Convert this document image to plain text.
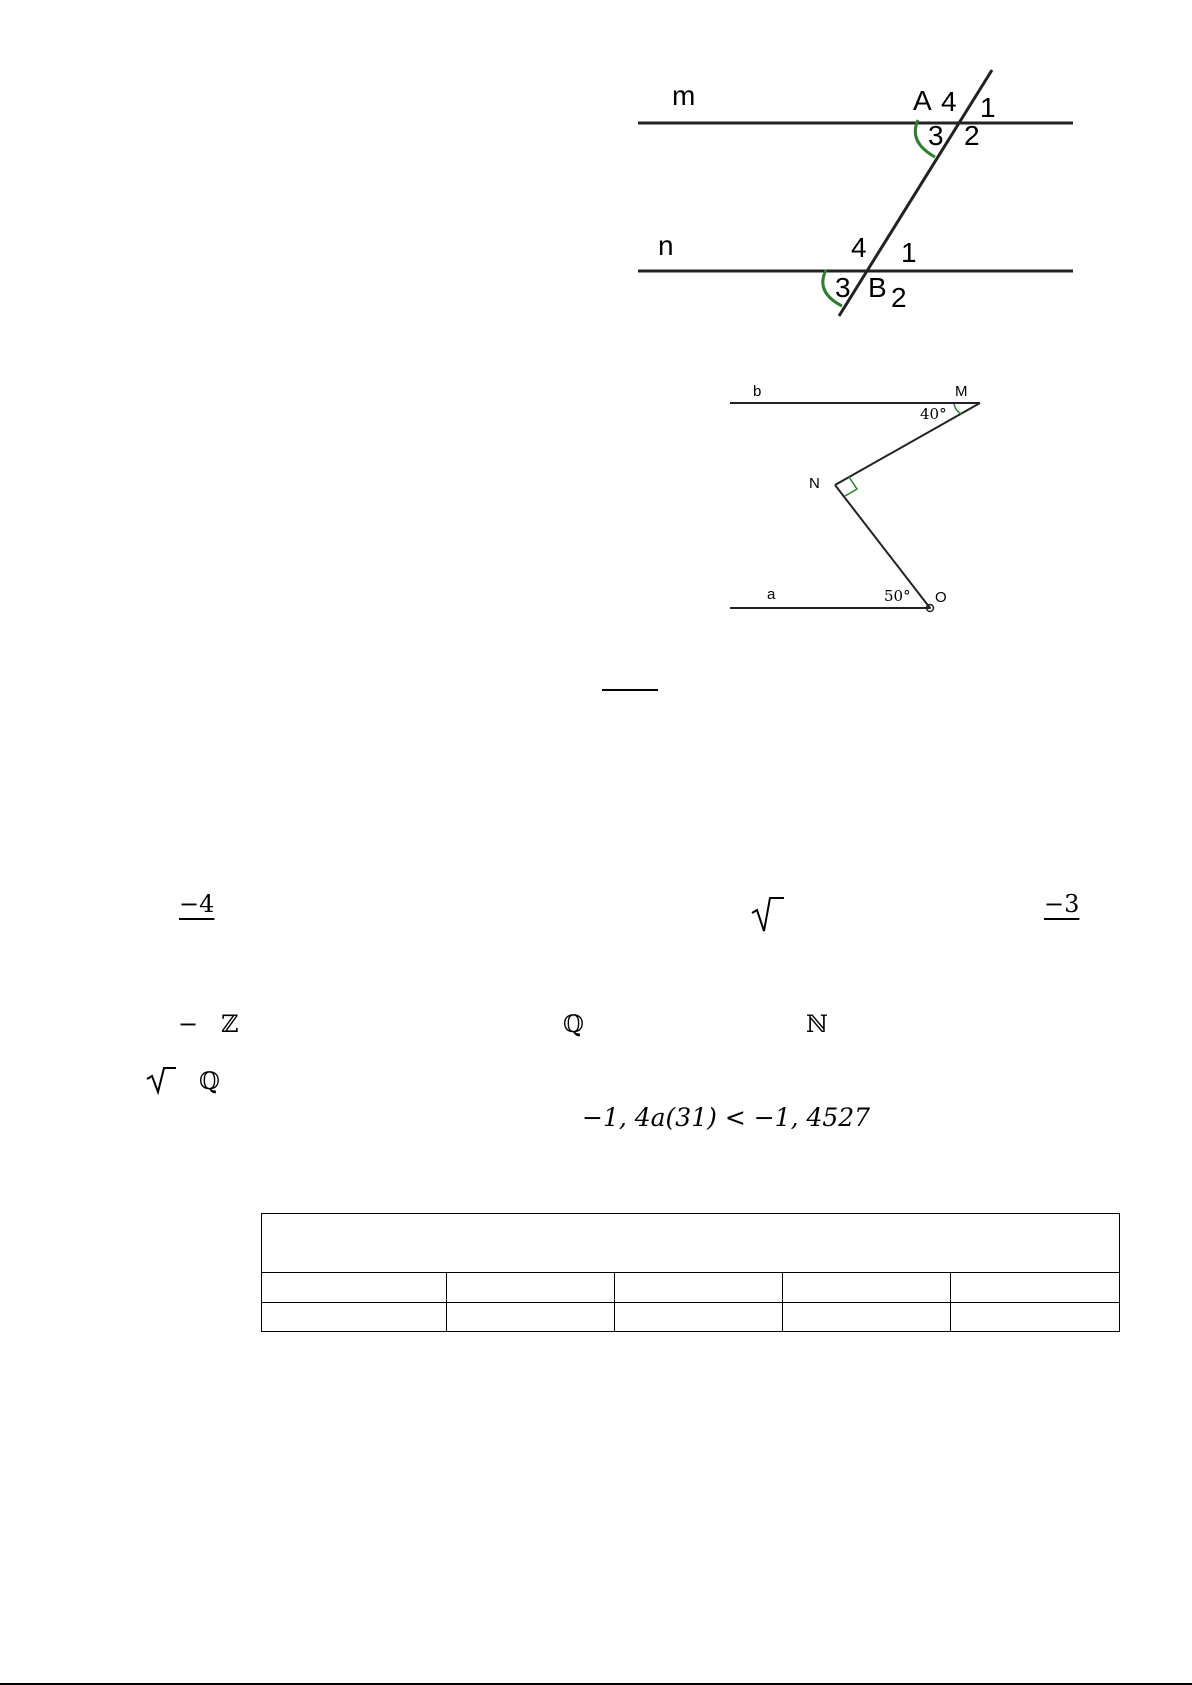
m
n
A 4 1
3 2
4 1
3 B 2
b	M
40°
N
a	50° O
−4	−3
−   ℤ	ℚ	ℕ
ℚ
−1, 4a(31) < −1, 4527
